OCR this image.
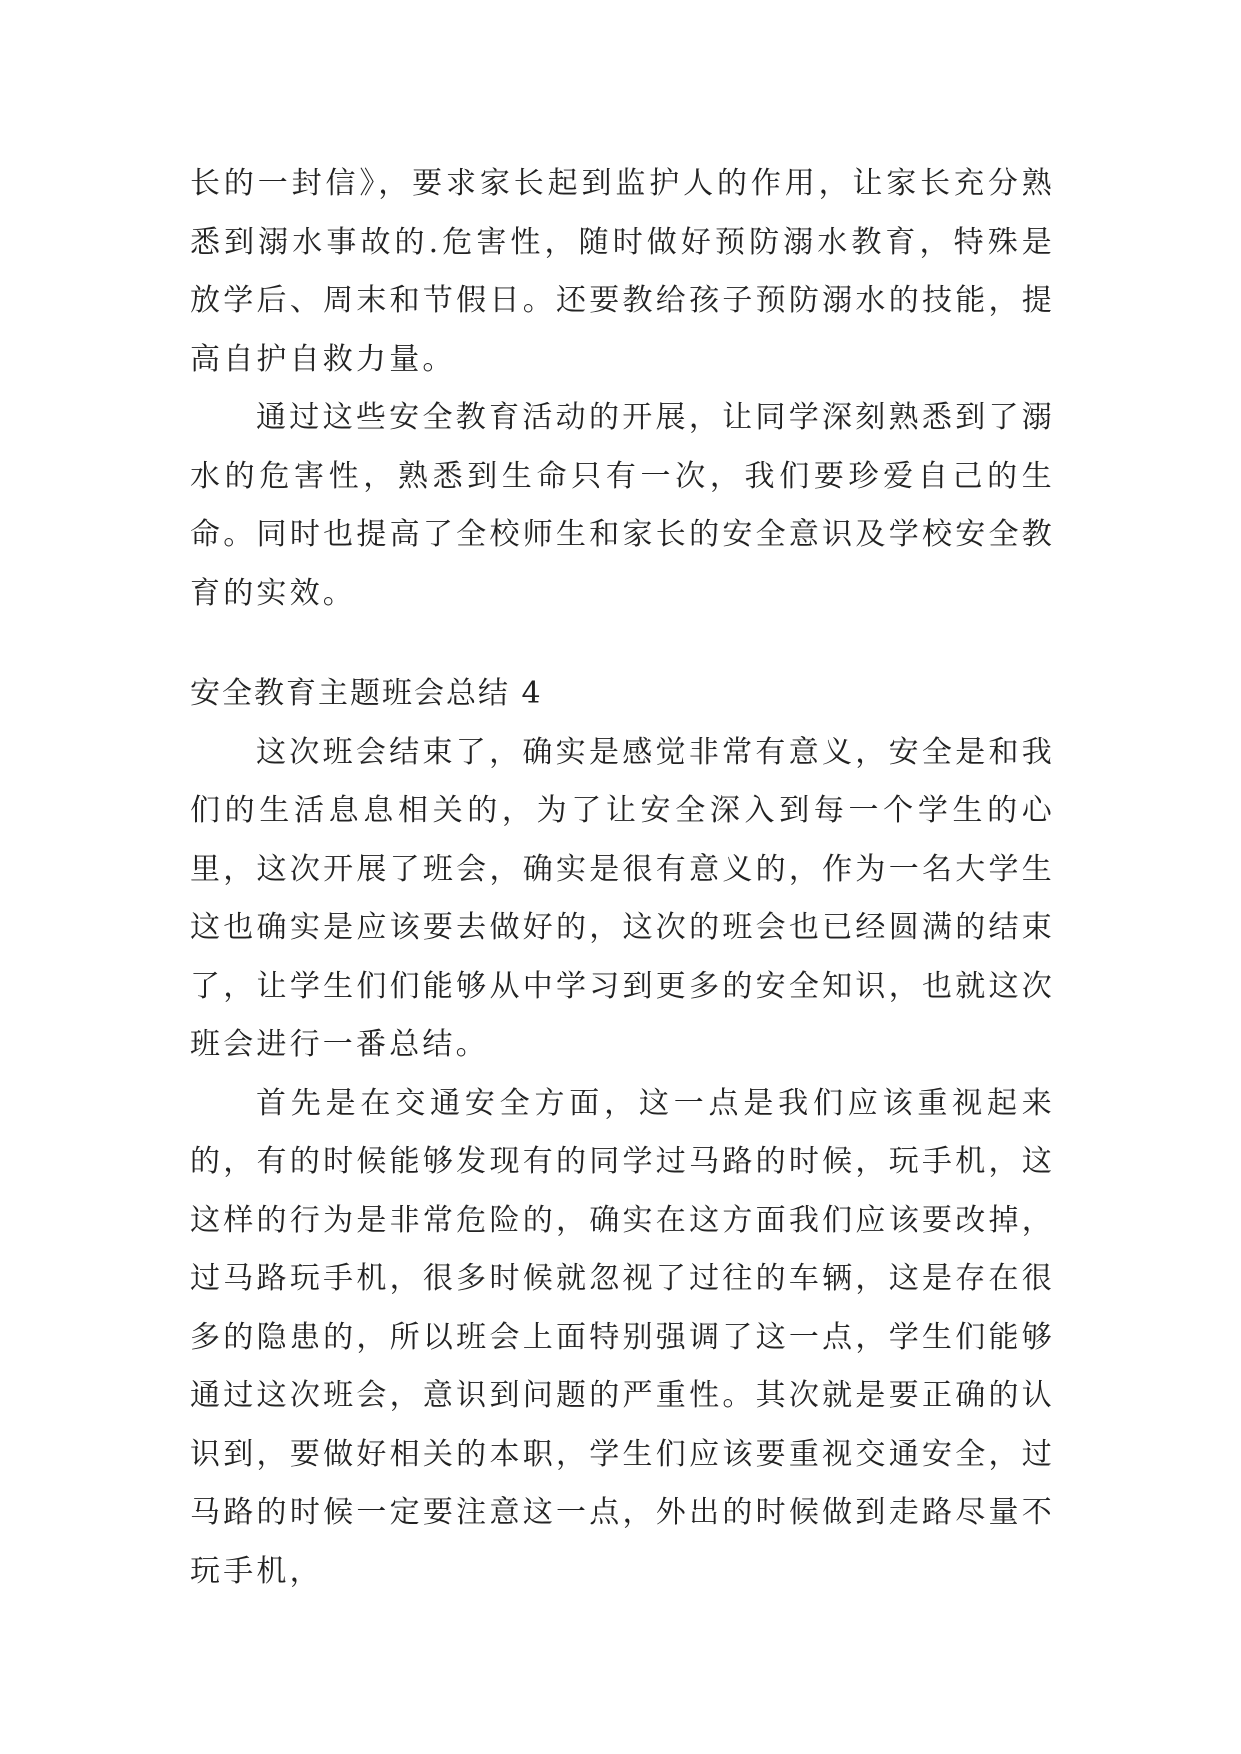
长的一封信》，要求家长起到监护人的作用，让家长充分熟悉到溺水事故的.危害性，随时做好预防溺水教育，特殊是放学后、周末和节假日。还要教给孩子预防溺水的技能，提高自护自救力量。

通过这些安全教育活动的开展，让同学深刻熟悉到了溺水的危害性，熟悉到生命只有一次，我们要珍爱自己的生命。同时也提高了全校师生和家长的安全意识及学校安全教育的实效。

安全教育主题班会总结 4

这次班会结束了，确实是感觉非常有意义，安全是和我们的生活息息相关的，为了让安全深入到每一个学生的心里，这次开展了班会，确实是很有意义的，作为一名大学生这也确实是应该要去做好的，这次的班会也已经圆满的结束了，让学生们们能够从中学习到更多的安全知识，也就这次班会进行一番总结。

首先是在交通安全方面，这一点是我们应该重视起来的，有的时候能够发现有的同学过马路的时候，玩手机，这这样的行为是非常危险的，确实在这方面我们应该要改掉，过马路玩手机，很多时候就忽视了过往的车辆，这是存在很多的隐患的，所以班会上面特别强调了这一点，学生们能够通过这次班会，意识到问题的严重性。其次就是要正确的认识到，要做好相关的本职，学生们应该要重视交通安全，过马路的时候一定要注意这一点，外出的时候做到走路尽量不玩手机，
